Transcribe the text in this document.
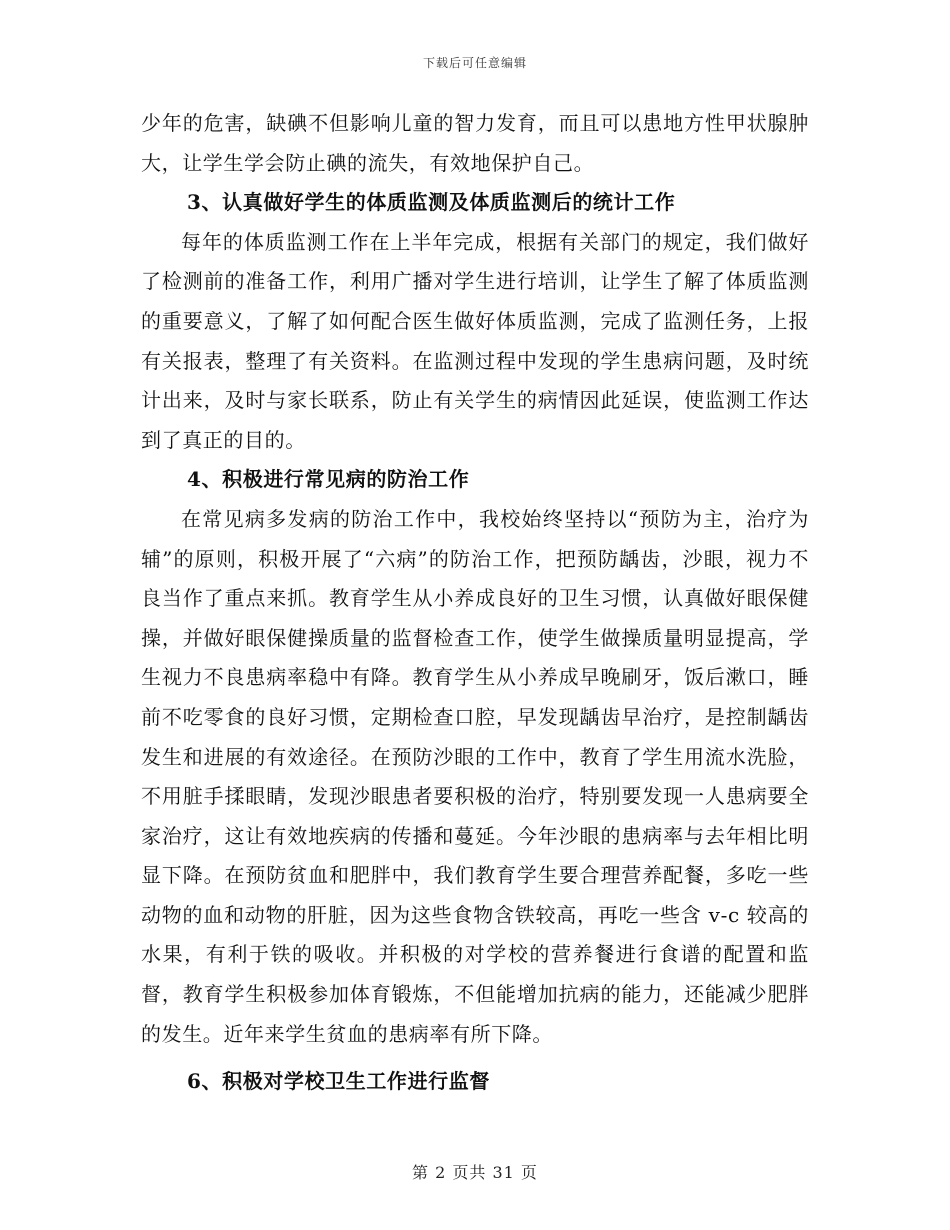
下载后可任意编辑

少年的危害，缺碘不但影响儿童的智力发育，而且可以患地方性甲状腺肿大，让学生学会防止碘的流失，有效地保护自己。

3、认真做好学生的体质监测及体质监测后的统计工作

每年的体质监测工作在上半年完成，根据有关部门的规定，我们做好了检测前的准备工作，利用广播对学生进行培训，让学生了解了体质监测的重要意义，了解了如何配合医生做好体质监测，完成了监测任务，上报有关报表，整理了有关资料。在监测过程中发现的学生患病问题，及时统计出来，及时与家长联系，防止有关学生的病情因此延误，使监测工作达到了真正的目的。

4、积极进行常见病的防治工作

在常见病多发病的防治工作中，我校始终坚持以“预防为主，治疗为辅”的原则，积极开展了“六病”的防治工作，把预防龋齿，沙眼，视力不良当作了重点来抓。教育学生从小养成良好的卫生习惯，认真做好眼保健操，并做好眼保健操质量的监督检查工作，使学生做操质量明显提高，学生视力不良患病率稳中有降。教育学生从小养成早晚刷牙，饭后漱口，睡前不吃零食的良好习惯，定期检查口腔，早发现龋齿早治疗，是控制龋齿发生和进展的有效途径。在预防沙眼的工作中，教育了学生用流水洗脸，不用脏手揉眼睛，发现沙眼患者要积极的治疗，特别要发现一人患病要全家治疗，这让有效地疾病的传播和蔓延。今年沙眼的患病率与去年相比明显下降。在预防贫血和肥胖中，我们教育学生要合理营养配餐，多吃一些动物的血和动物的肝脏，因为这些食物含铁较高，再吃一些含 v-c 较高的水果，有利于铁的吸收。并积极的对学校的营养餐进行食谱的配置和监督，教育学生积极参加体育锻炼，不但能增加抗病的能力，还能减少肥胖的发生。近年来学生贫血的患病率有所下降。

6、积极对学校卫生工作进行监督

第 2 页共 31 页
